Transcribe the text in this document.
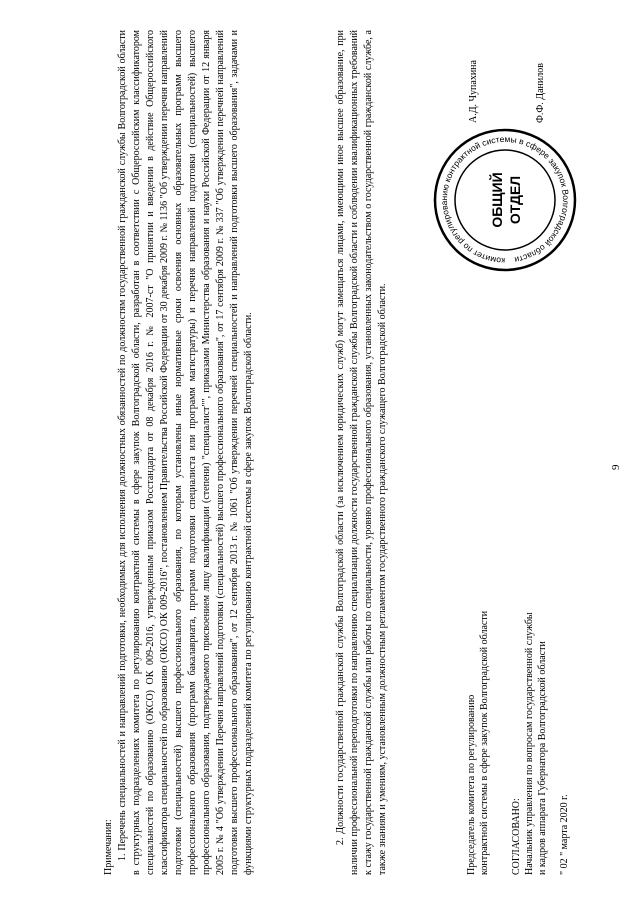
9

Примечания: 1. Перечень специальностей и направлений подготовки, необходимых для исполнения должностных обязанностей по должностям государственной гражданской службы Волгоградской области в структурных подразделениях комитета по регулированию контрактной системы в сфере закупок Волгоградской области, разработан в соответствии с Общероссийским классификатором специальностей по образованию (ОКСО) ОК 009-2016, утвержденным приказом Росстандарта от 08 декабря 2016 г. № 2007-ст "О принятии и введении в действие Общероссийского классификатора специальностей по образованию (ОКСО) ОК 009-2016", постановлением Правительства Российской Федерации от 30 декабря 2009 г. № 1136 "Об утверждении перечня направлений подготовки (специальностей) высшего профессионального образования, по которым установлены иные нормативные сроки освоения основных образовательных программ высшего профессионального образования (программ бакалавриата, программ подготовки специалиста или программ магистратуры) и перечня направлений подготовки (специальностей) высшего профессионального образования, подтверждаемого присвоением лицу квалификации (степени) "специалист"", приказами Министерства образования и науки Российской Федерации от 12 января 2005 г. № 4 "Об утверждении Перечня направлений подготовки (специальностей) высшего профессионального образования", от 17 сентября 2009 г. № 337 "Об утверждении перечней направлений подготовки высшего профессионального образования", от 12 сентября 2013 г. № 1061 "Об утверждении перечней специальностей и направлений подготовки высшего образования", задачами и функциями структурных подразделений комитета по регулированию контрактной системы в сфере закупок Волгоградской области.	2. Должности государственной гражданской службы Волгоградской области (за исключением юридических служб) могут замещаться лицами, имеющими иное высшее образование, при наличии профессиональной переподготовки по направлению специализации должности государственной гражданской службы Волгоградской области и соблюдении квалификационных требований к стажу государственной гражданской службы или работы по специальности, уровню профессионального образования, установленных законодательством о государственной гражданской службе, а также знаниям и умениям, установленным должностным регламентом государственного гражданского служащего Волгоградской области.	Председатель комитета по регулированию контрактной системы в сфере закупок Волгоградской области
А.Д. Чупахина
СОГЛАСОВАНО: Начальник управления по вопросам государственной службы и кадров аппарата Губернатора Волгоградской области
Ф.Ф. Данилов
" 02 " марта 2020 г.
комитет по регулированию контрактной системы в сфере закупок Волгоградской области
ОБЩИЙ ОТДЕЛ
